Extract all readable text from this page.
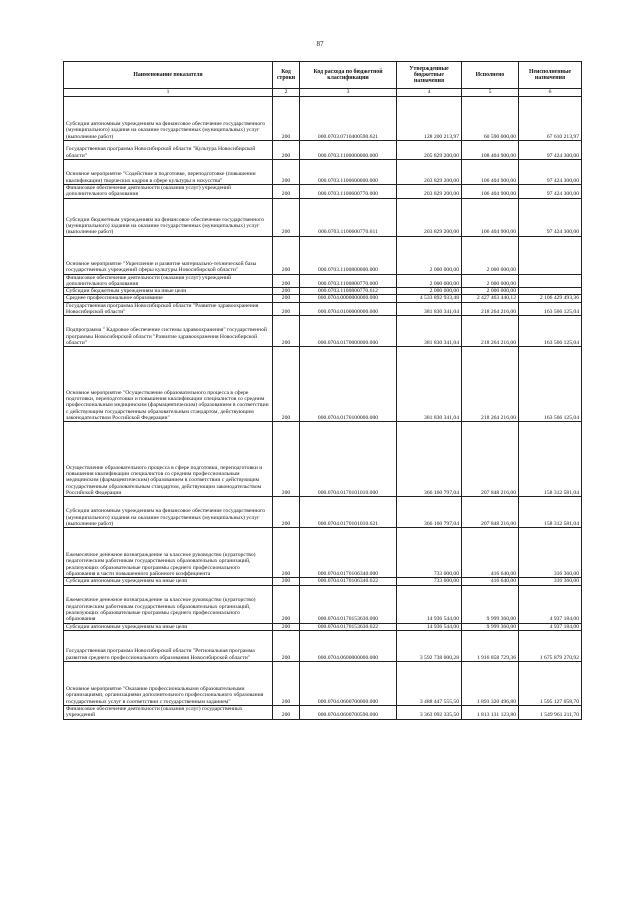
87
Наименование показателя	Код строки	Код расхода по бюджетной классификации	Утвержденные бюджетные назначения	Исполнено	Неисполненные назначения
1	2	3	4	5	6
Субсидии автономным учреждениям на финансовое обеспечение государственного (муниципального) задания на оказание государственных (муниципальных) услуг (выполнение работ)	200	000.0703.0710400590.621	128 200 213,97	60 590 000,00	67 610 213,97
Государственная программа Новосибирской области "Культура Новосибирской области"	200	000.0703.1100000000.000	205 829 200,00	108 404 900,00	97 424 300,00
Основное мероприятие "Содействие в подготовке, переподготовке (повышении квалификации) творческих кадров в сфере культуры и искусства"	200	000.0703.1100600000.000	203 829 200,00	106 404 900,00	97 424 300,00
Финансовое обеспечение деятельности (оказания услуг) учреждений дополнительного образования	200	000.0703.1100600770.000	203 829 200,00	106 404 900,00	97 424 300,00
Субсидии бюджетным учреждениям на финансовое обеспечение государственного (муниципального) задания на оказание государственных (муниципальных) услуг (выполнение работ)	200	000.0703.1100600770.611	203 829 200,00	106 404 900,00	97 424 300,00
Основное мероприятие "Укрепление и развитие материально-технической базы государственных учреждений сферы культуры Новосибирской области"	200	000.0703.1100800000.000	2 000 000,00	2 000 000,00	
Финансовое обеспечение деятельности (оказания услуг) учреждений дополнительного образования	200	000.0703.1100800770.000	2 000 000,00	2 000 000,00	
Субсидии бюджетным учреждениям на иные цели	200	000.0703.1100800770.612	2 000 000,00	2 000 000,00	
Среднее профессиональное образование	200	000.0704.0000000000.000	4 533 892 933,48	2 427 463 440,12	2 106 429 493,36
Государственная программа Новосибирской области "Развитие здравоохранения Новосибирской области"	200	000.0704.0100000000.000	381 830 341,04	218 264 216,00	163 566 125,04
Подпрограмма " Кадровое обеспечение системы здравоохранения" государственной программы Новосибирской области "Развитие здравоохранения Новосибирской области"	200	000.0704.0170000000.000	381 830 341,04	218 264 216,00	163 566 125,04
Основное мероприятие "Осуществление образовательного процесса в сфере подготовки, переподготовки и повышения квалификации специалистов со средним профессиональным медицинским (фармацевтическим) образованием в соответствии с действующим государственным образовательным стандартом, действующим законодательством Российской Федерации"	200	000.0704.0170100000.000	381 830 341,04	218 264 216,00	163 566 125,04
Осуществление образовательного процесса в сфере подготовки, переподготовки и повышения квалификации специалистов со средним профессиональным медицинским (фармацевтическим) образованием в соответствии с действующим государственным образовательным стандартом, действующим законодательством Российской Федерации	200	000.0704.0170101010.000	366 160 797,04	207 848 216,00	158 312 581,04
Субсидии автономным учреждениям на финансовое обеспечение государственного (муниципального) задания на оказание государственных (муниципальных) услуг (выполнение работ)	200	000.0704.0170101010.621	366 160 797,04	207 848 216,00	158 312 581,04
Ежемесячное денежное вознаграждение за классное руководство (кураторство) педагогическим работникам государственных образовательных организаций, реализующих образовательные программы среднего профессионального образования в части повышенного районного коэффициента	200	000.0704.0170106340.000	733 000,00	416 640,00	316 360,00
Субсидии автономным учреждениям на иные цели	200	000.0704.0170106340.622	733 000,00	416 640,00	316 360,00
Ежемесячное денежное вознаграждение за классное руководство (кураторство) педагогическим работникам государственных образовательных организаций, реализующих образовательные программы среднего профессионального образования	200	000.0704.0170153630.000	14 936 544,00	9 999 360,00	4 937 184,00
Субсидии автономным учреждениям на иные цели	200	000.0704.0170153630.622	14 936 544,00	9 999 360,00	4 937 184,00
Государственная программа Новосибирской области "Региональная программа развития среднего профессионального образования Новосибирской области"	200	000.0704.0600000000.000	3 592 738 000,28	1 916 858 729,36	1 675 879 270,92
Основное мероприятие "Оказание профессиональными образовательными организациями, организациями дополнительного профессионального образования государственных услуг в соответствии с государственным заданием"	200	000.0704.0600700000.000	3 488 447 555,50	1 893 320 496,80	1 595 127 058,70
Финансовое обеспечение деятельности (оказания услуг) государственных учреждений	200	000.0704.0600700590.000	3 363 092 335,50	1 813 131 123,80	1 549 961 211,70
